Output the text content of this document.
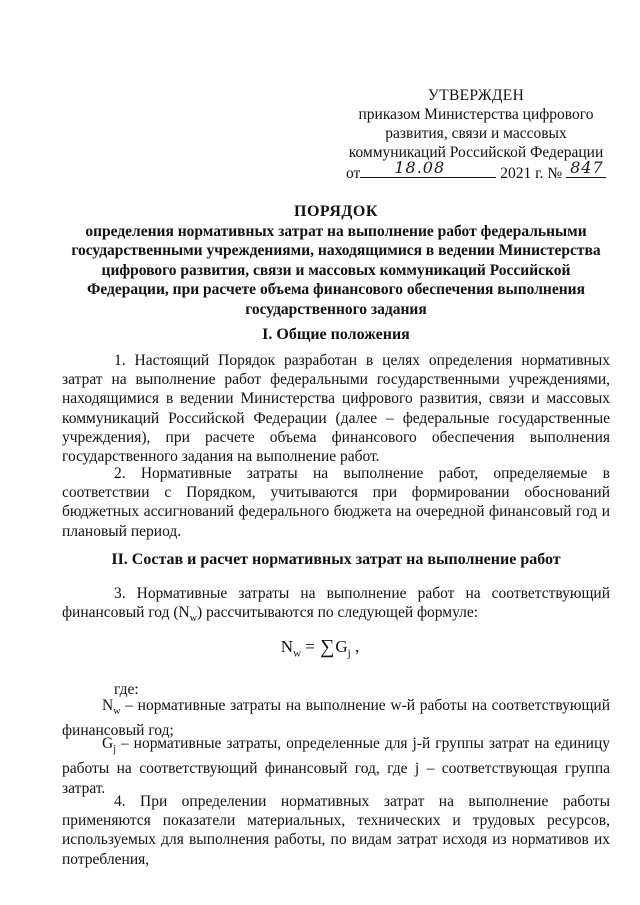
УТВЕРЖДЕН
приказом Министерства цифрового
развития, связи и массовых
коммуникаций Российской Федерации
от 18.08	2021 г. № 847
ПОРЯДОК
определения нормативных затрат на выполнение работ федеральными государственными учреждениями, находящимися в ведении Министерства цифрового развития, связи и массовых коммуникаций Российской Федерации, при расчете объема финансового обеспечения выполнения государственного задания
I. Общие положения

1. Настоящий Порядок разработан в целях определения нормативных затрат на выполнение работ федеральными государственными учреждениями, находящимися в ведении Министерства цифрового развития, связи и массовых коммуникаций Российской Федерации (далее – федеральные государственные учреждения), при расчете объема финансового обеспечения выполнения государственного задания на выполнение работ.

2. Нормативные затраты на выполнение работ, определяемые в соответствии с Порядком, учитываются при формировании обоснований бюджетных ассигнований федерального бюджета на очередной финансовый год и плановый период.

II. Состав и расчет нормативных затрат на выполнение работ

3. Нормативные затраты на выполнение работ на соответствующий финансовый год $(N_w)$ рассчитываются по следующей формуле:

$N_w = \sum G_j$ ,
где:

$N_w$ – нормативные затраты на выполнение w-й работы на соответствующий финансовый год;

$G_j$ – нормативные затраты, определенные для j-й группы затрат на единицу работы на соответствующий финансовый год, где j – соответствующая группа затрат.

4. При определении нормативных затрат на выполнение работы применяются показатели материальных, технических и трудовых ресурсов, используемых для выполнения работы, по видам затрат исходя из нормативов их потребления,
